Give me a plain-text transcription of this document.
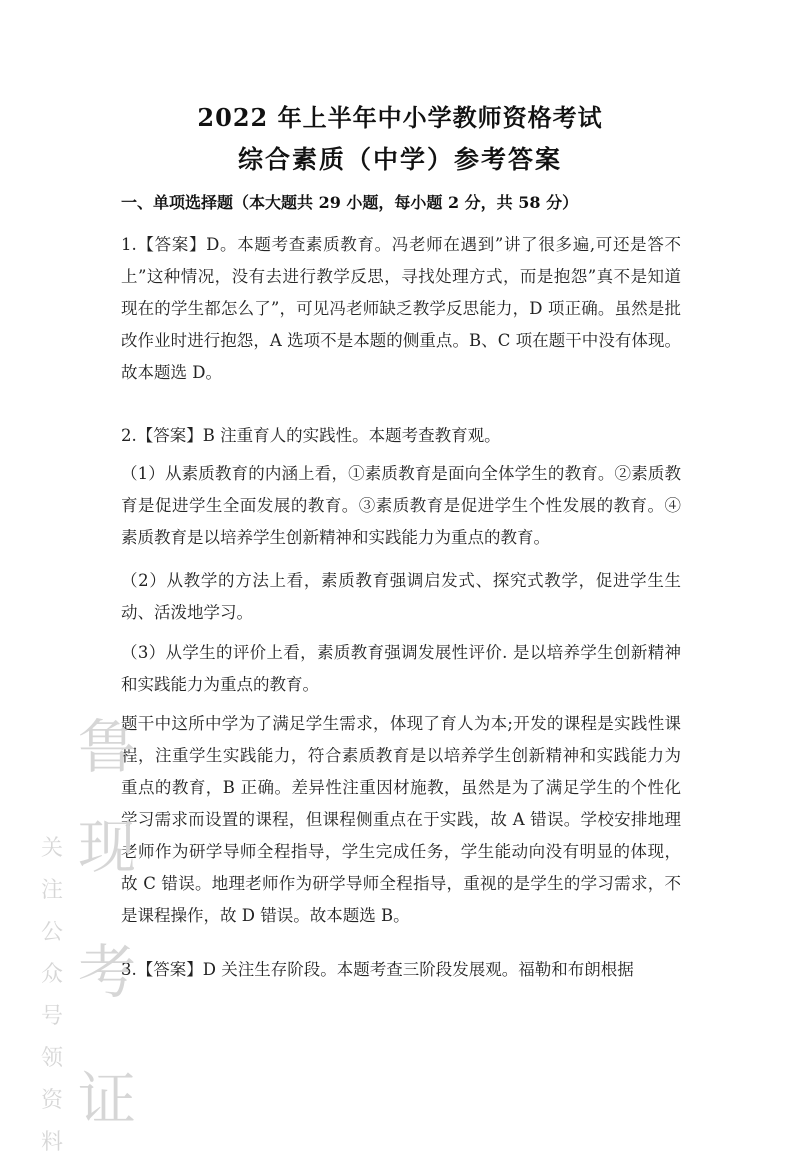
2022 年上半年中小学教师资格考试
综合素质（中学）参考答案
一、单项选择题（本大题共 29 小题，每小题 2 分，共 58 分）
1.【答案】D。本题考查素质教育。冯老师在遇到”讲了很多遍,可还是答不上”这种情况，没有去进行教学反思，寻找处理方式，而是抱怨”真不是知道现在的学生都怎么了”，可见冯老师缺乏教学反思能力，D 项正确。虽然是批改作业时进行抱怨，A 选项不是本题的侧重点。B、C 项在题干中没有体现。故本题选 D。
2.【答案】B 注重育人的实践性。本题考查教育观。
（1）从素质教育的内涵上看，①素质教育是面向全体学生的教育。②素质教育是促进学生全面发展的教育。③素质教育是促进学生个性发展的教育。④素质教育是以培养学生创新精神和实践能力为重点的教育。
（2）从教学的方法上看，素质教育强调启发式、探究式教学，促进学生生动、活泼地学习。
（3）从学生的评价上看，素质教育强调发展性评价. 是以培养学生创新精神和实践能力为重点的教育。
题干中这所中学为了满足学生需求，体现了育人为本;开发的课程是实践性课程，注重学生实践能力，符合素质教育是以培养学生创新精神和实践能力为重点的教育，B 正确。差异性注重因材施教，虽然是为了满足学生的个性化学习需求而设置的课程，但课程侧重点在于实践，故 A 错误。学校安排地理老师作为研学导师全程指导，学生完成任务，学生能动向没有明显的体现，故 C 错误。地理老师作为研学导师全程指导，重视的是学生的学习需求，不是课程操作，故 D 错误。故本题选 B。
3.【答案】D 关注生存阶段。本题考查三阶段发展观。福勒和布朗根据
鲁
现
考
证
关
注
公
众
号
领
资
料
